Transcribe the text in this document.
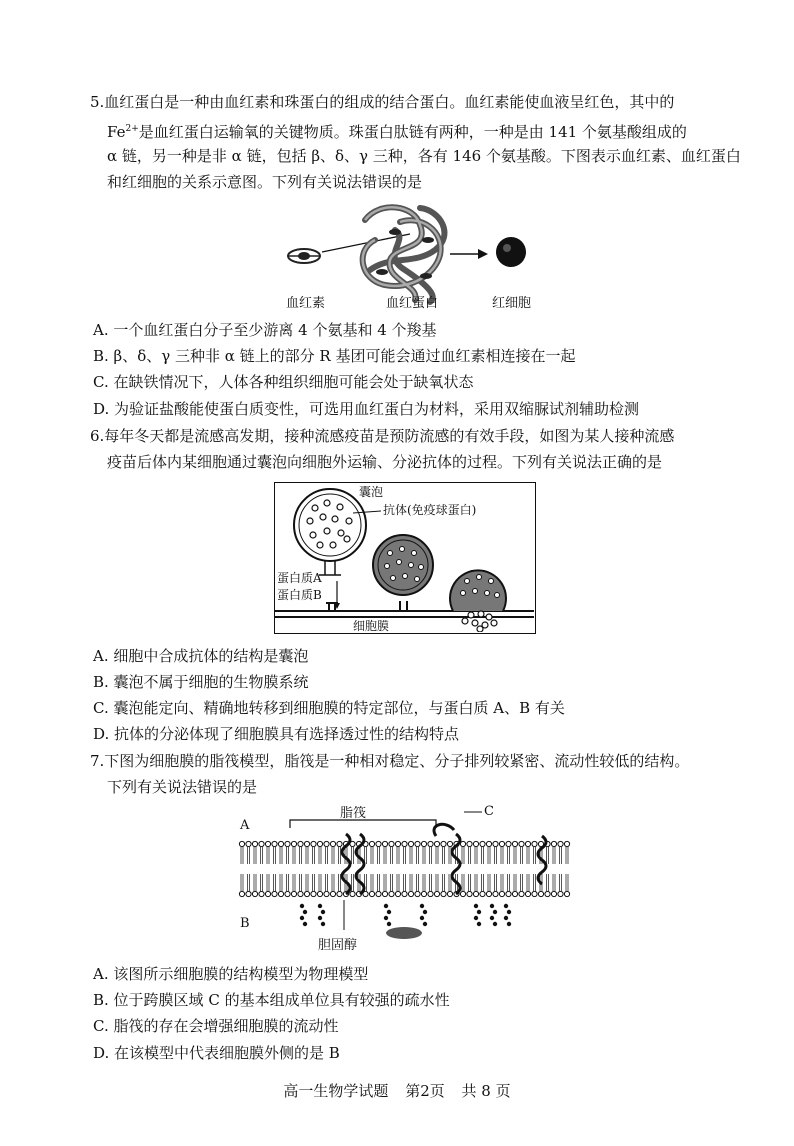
5.血红蛋白是一种由血红素和珠蛋白的组成的结合蛋白。血红素能使血液呈红色，其中的
$Fe^{2+}$是血红蛋白运输氧的关键物质。珠蛋白肽链有两种，一种是由 141 个氨基酸组成的
α 链，另一种是非 α 链，包括 β、δ、γ 三种，各有 146 个氨基酸。下图表示血红素、血红蛋白
和红细胞的关系示意图。下列有关说法错误的是
血红素	血红蛋白	红细胞
A. 一个血红蛋白分子至少游离 4 个氨基和 4 个羧基
B. β、δ、γ 三种非 α 链上的部分 R 基团可能会通过血红素相连接在一起
C. 在缺铁情况下，人体各种组织细胞可能会处于缺氧状态
D. 为验证盐酸能使蛋白质变性，可选用血红蛋白为材料，采用双缩脲试剂辅助检测
6.每年冬天都是流感高发期，接种流感疫苗是预防流感的有效手段，如图为某人接种流感
疫苗后体内某细胞通过囊泡向细胞外运输、分泌抗体的过程。下列有关说法正确的是
囊泡
抗体(免疫球蛋白)
蛋白质A
蛋白质B
细胞膜
A. 细胞中合成抗体的结构是囊泡
B. 囊泡不属于细胞的生物膜系统
C. 囊泡能定向、精确地转移到细胞膜的特定部位，与蛋白质 A、B 有关
D. 抗体的分泌体现了细胞膜具有选择透过性的结构特点
7.下图为细胞膜的脂筏模型，脂筏是一种相对稳定、分子排列较紧密、流动性较低的结构。
下列有关说法错误的是
A
B
C
脂筏
胆固醇
A. 该图所示细胞膜的结构模型为物理模型
B. 位于跨膜区域 C 的基本组成单位具有较强的疏水性
C. 脂筏的存在会增强细胞膜的流动性
D. 在该模型中代表细胞膜外侧的是 B
高一生物学试题 第2页 共 8 页
